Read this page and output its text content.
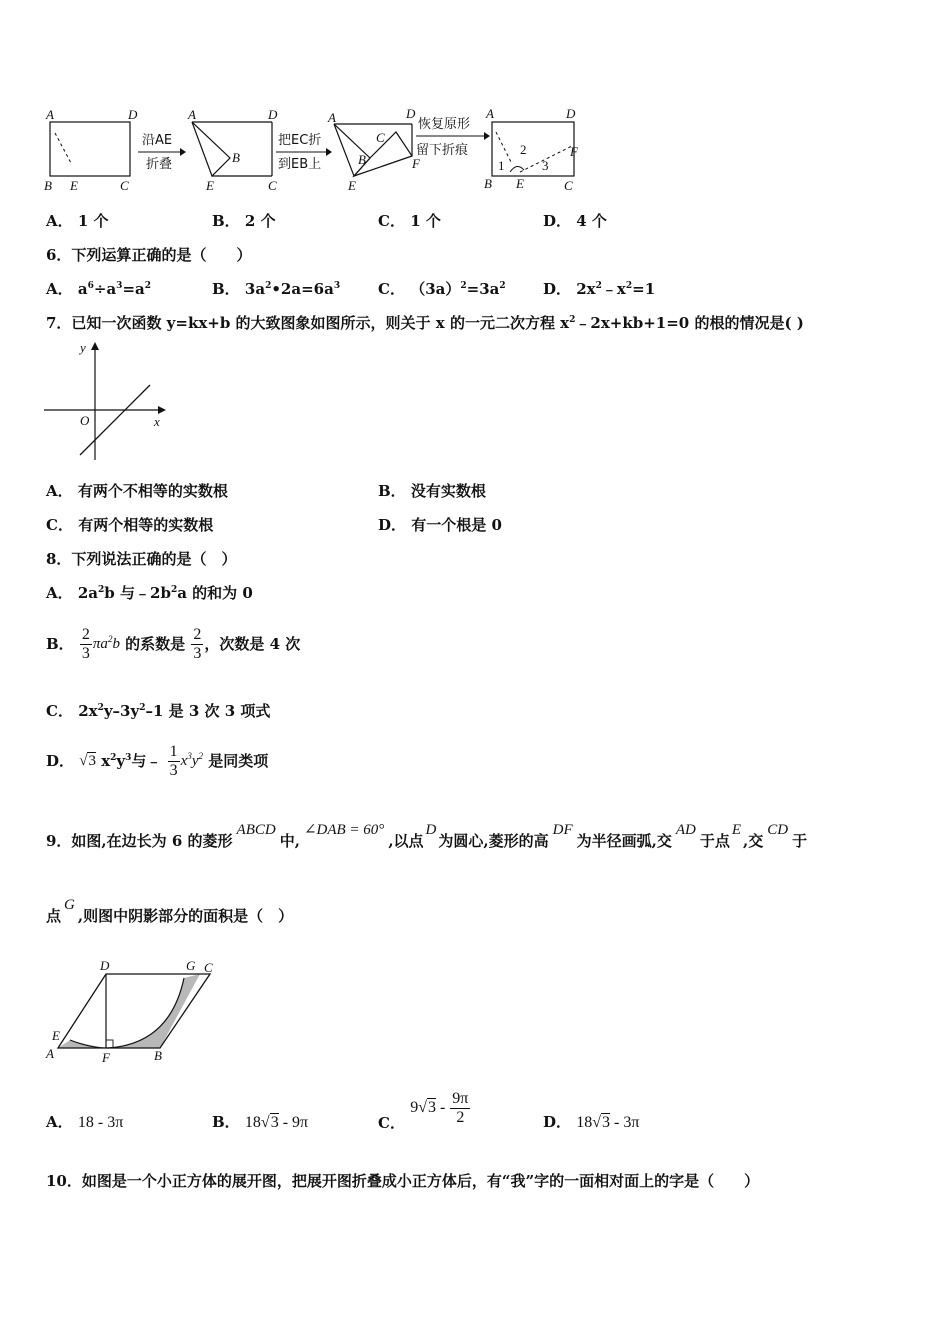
A	D
B E	C
沿AE
折叠
A	D
B
E	C
把EC折
到EB上
A	D
C
B	F
E
恢复原形
留下折痕
A	D
1
2
3
F
B E	C
A． 1 个	B． 2 个	C． 1 个	D． 4 个
6．下列运算正确的是（　　）
A． $a^6\div a^3=a^2$	B． $3a^2•2a=6a^3$	C． $(3a)^2=3a^2$ D． $2x^2﹣x^2=1$
7．已知一次函数 y=kx+b 的大致图象如图所示，则关于 x 的一元二次方程 $x^2﹣2x+kb+1=0$ 的根的情况是( )
y
x
O
A． 有两个不相等的实数根	B． 没有实数根
C． 有两个相等的实数根	D． 有一个根是 0
8．下列说法正确的是（　）
A． $2a^2b$ 与$﹣2b^2a$ 的和为 0
B． $\frac{2}{3} \pi a^2b$ 的系数是 $\frac{2}{3}$ ，次数是 4 次
C． $2x^2y-3y^2-1$ 是 3 次 3 项式
D． √3 $x^2y^3$与﹣ $\frac{1}{3} x^3y^2$ 是同类项
9．如图,在边长为 6 的菱形ABCD中,∠DAB = 60°,以点D为圆心,菱形的高DF为半径画弧,交AD于点E,交CD于
点G,则图中阴影部分的面积是（　）
D	G C
E
A	F	B
A． 18 - 3π	B． 18√3 - 9π	C． $9√3 - \frac{9\pi}{2}$	D． 18√3 - 3π
10．如图是一个小正方体的展开图，把展开图折叠成小正方体后，有“我”字的一面相对面上的字是（　　）
